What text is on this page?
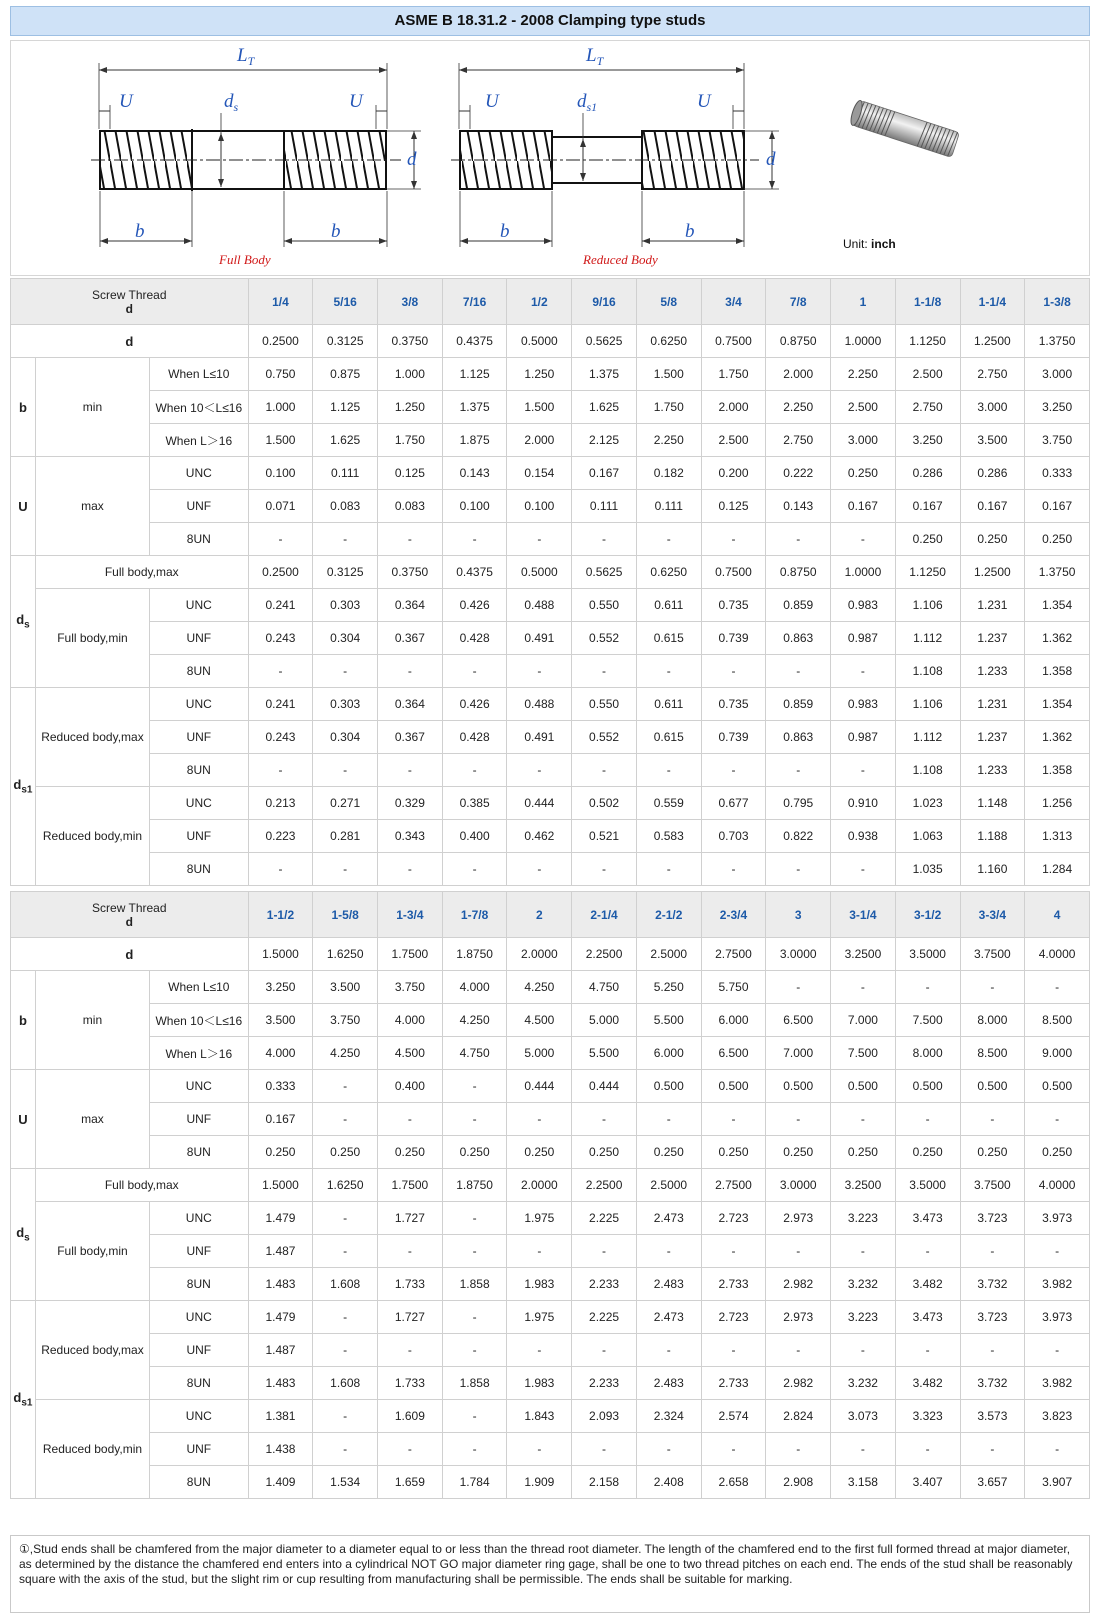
ASME B 18.31.2 - 2008 Clamping type studs
$L_T$
U	U
$d_s$
d
b	b
Full Body
$L_T$
U	U
$d_{s1}$
d
b	b
Reduced Body
Unit: inch
Screw Thread
d			1/4	5/16	3/8	7/16	1/2	9/16	5/8	3/4	7/8	1	1-1/8	1-1/4	1-3/8
d			0.2500	0.3125	0.3750	0.4375	0.5000	0.5625	0.6250	0.7500	0.8750	1.0000	1.1250	1.2500	1.3750
b	min	When L≤10	0.750	0.875	1.000	1.125	1.250	1.375	1.500	1.750	2.000	2.250	2.500	2.750	3.000
		When 10＜L≤16	1.000	1.125	1.250	1.375	1.500	1.625	1.750	2.000	2.250	2.500	2.750	3.000	3.250
		When L＞16	1.500	1.625	1.750	1.875	2.000	2.125	2.250	2.500	2.750	3.000	3.250	3.500	3.750
U	max	UNC	0.100	0.111	0.125	0.143	0.154	0.167	0.182	0.200	0.222	0.250	0.286	0.286	0.333
		UNF	0.071	0.083	0.083	0.100	0.100	0.111	0.111	0.125	0.143	0.167	0.167	0.167	0.167
		8UN	-	-	-	-	-	-	-	-	-	-	0.250	0.250	0.250
$d_s$	Full body,max		0.2500	0.3125	0.3750	0.4375	0.5000	0.5625	0.6250	0.7500	0.8750	1.0000	1.1250	1.2500	1.3750
	Full body,min	UNC	0.241	0.303	0.364	0.426	0.488	0.550	0.611	0.735	0.859	0.983	1.106	1.231	1.354
		UNF	0.243	0.304	0.367	0.428	0.491	0.552	0.615	0.739	0.863	0.987	1.112	1.237	1.362
		8UN	-	-	-	-	-	-	-	-	-	-	1.108	1.233	1.358
$d_{s1}$	Reduced body,max	UNC	0.241	0.303	0.364	0.426	0.488	0.550	0.611	0.735	0.859	0.983	1.106	1.231	1.354
		UNF	0.243	0.304	0.367	0.428	0.491	0.552	0.615	0.739	0.863	0.987	1.112	1.237	1.362
		8UN	-	-	-	-	-	-	-	-	-	-	1.108	1.233	1.358
	Reduced body,min	UNC	0.213	0.271	0.329	0.385	0.444	0.502	0.559	0.677	0.795	0.910	1.023	1.148	1.256
		UNF	0.223	0.281	0.343	0.400	0.462	0.521	0.583	0.703	0.822	0.938	1.063	1.188	1.313
		8UN	-	-	-	-	-	-	-	-	-	-	1.035	1.160	1.284
Screw Thread
d			1-1/2	1-5/8	1-3/4	1-7/8	2	2-1/4	2-1/2	2-3/4	3	3-1/4	3-1/2	3-3/4	4
d			1.5000	1.6250	1.7500	1.8750	2.0000	2.2500	2.5000	2.7500	3.0000	3.2500	3.5000	3.7500	4.0000
b	min	When L≤10	3.250	3.500	3.750	4.000	4.250	4.750	5.250	5.750	-	-	-	-	-
		When 10＜L≤16	3.500	3.750	4.000	4.250	4.500	5.000	5.500	6.000	6.500	7.000	7.500	8.000	8.500
		When L＞16	4.000	4.250	4.500	4.750	5.000	5.500	6.000	6.500	7.000	7.500	8.000	8.500	9.000
U	max	UNC	0.333	-	0.400	-	0.444	0.444	0.500	0.500	0.500	0.500	0.500	0.500	0.500
		UNF	0.167	-	-	-	-	-	-	-	-	-	-	-	-
		8UN	0.250	0.250	0.250	0.250	0.250	0.250	0.250	0.250	0.250	0.250	0.250	0.250	0.250
$d_s$	Full body,max		1.5000	1.6250	1.7500	1.8750	2.0000	2.2500	2.5000	2.7500	3.0000	3.2500	3.5000	3.7500	4.0000
	Full body,min	UNC	1.479	-	1.727	-	1.975	2.225	2.473	2.723	2.973	3.223	3.473	3.723	3.973
		UNF	1.487	-	-	-	-	-	-	-	-	-	-	-	-
		8UN	1.483	1.608	1.733	1.858	1.983	2.233	2.483	2.733	2.982	3.232	3.482	3.732	3.982
$d_{s1}$	Reduced body,max	UNC	1.479	-	1.727	-	1.975	2.225	2.473	2.723	2.973	3.223	3.473	3.723	3.973
		UNF	1.487	-	-	-	-	-	-	-	-	-	-	-	-
		8UN	1.483	1.608	1.733	1.858	1.983	2.233	2.483	2.733	2.982	3.232	3.482	3.732	3.982
	Reduced body,min	UNC	1.381	-	1.609	-	1.843	2.093	2.324	2.574	2.824	3.073	3.323	3.573	3.823
		UNF	1.438	-	-	-	-	-	-	-	-	-	-	-	-
		8UN	1.409	1.534	1.659	1.784	1.909	2.158	2.408	2.658	2.908	3.158	3.407	3.657	3.907
①,Stud ends shall be chamfered from the major diameter to a diameter equal to or less than the thread root diameter. The length of the chamfered end to the first full formed thread at major diameter, as determined by the distance the chamfered end enters into a cylindrical NOT GO major diameter ring gage, shall be one to two thread pitches on each end. The ends of the stud shall be reasonably square with the axis of the stud, but the slight rim or cup resulting from manufacturing shall be permissible. The ends shall be suitable for marking.
